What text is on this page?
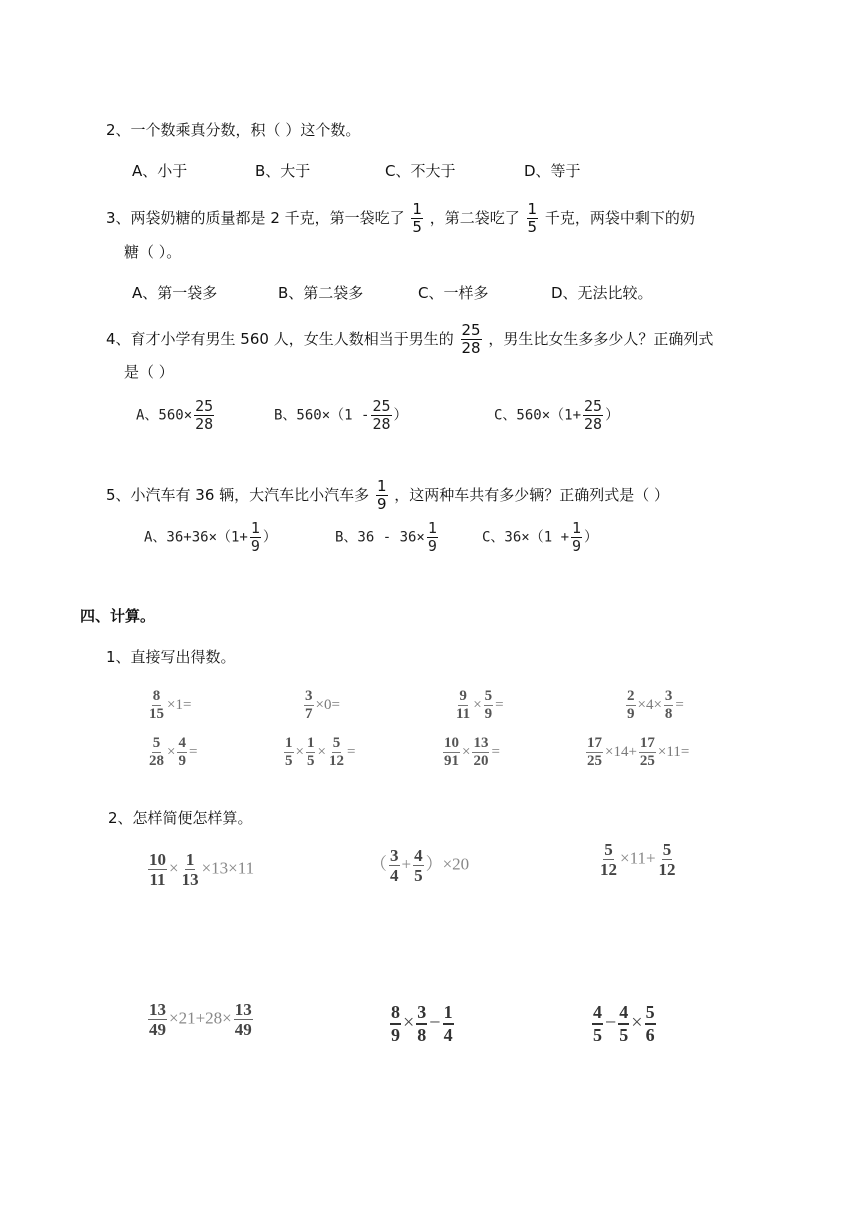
2、一个数乘真分数，积（ ）这个数。
A、小于	B、大于	C、不大于	D、等于
3、两袋奶糖的质量都是 2 千克，第一袋吃了 $\frac{1}{5}$ ，第二袋吃了 $\frac{1}{5}$ 千克，两袋中剩下的奶
糖（ ）。
A、第一袋多	B、第二袋多	C、一样多	D、无法比较。
4、育才小学有男生 560 人，女生人数相当于男生的 $\frac{25}{28}$ ，男生比女生多多少人？正确列式
是（ ）
A、$560\times \frac{25}{28}$	B、$560\times(1 - \frac{25}{28}$ ）	C、$560\times(1+ \frac{25}{28}$ ）
5、小汽车有 36 辆，大汽车比小汽车多 $\frac{1}{9}$ ，这两种车共有多少辆？正确列式是（ ）
A、$36+36\times(1+ \frac{1}{9}$ ）	B、$36 - 36\times \frac{1}{9}$	C、$36\times(1 + \frac{1}{9}$ ）
四、计算。
1、直接写出得数。
$\frac{8}{15} \times 1=$	$\frac{3}{7} \times 0=$	$\frac{9}{11} \times \frac{5}{9}$ =	$\frac{2}{9} \times 4\times \frac{3}{8}$ =
$\frac{5}{28} \times \frac{4}{9}$ =	$\frac{1}{5} \times \frac{1}{5} \times \frac{5}{12}$ =	$\frac{10}{91} \times \frac{13}{20}$ =	$\frac{17}{25} \times 14+ \frac{17}{25} \times 11=$
2、怎样简便怎样算。
$\frac{10}{11} \times \frac{1}{13} \times 13\times 11$	（ $\frac{3}{4} + \frac{4}{5} )\times 20$	$\frac{5}{12} \times 11+ \frac{5}{12}$
$\frac{13}{49} \times 21+28\times \frac{13}{49}$	$\frac{8}{9} \times \frac{3}{8} - \frac{1}{4}$	$\frac{4}{5} - \frac{4}{5} \times \frac{5}{6}$
